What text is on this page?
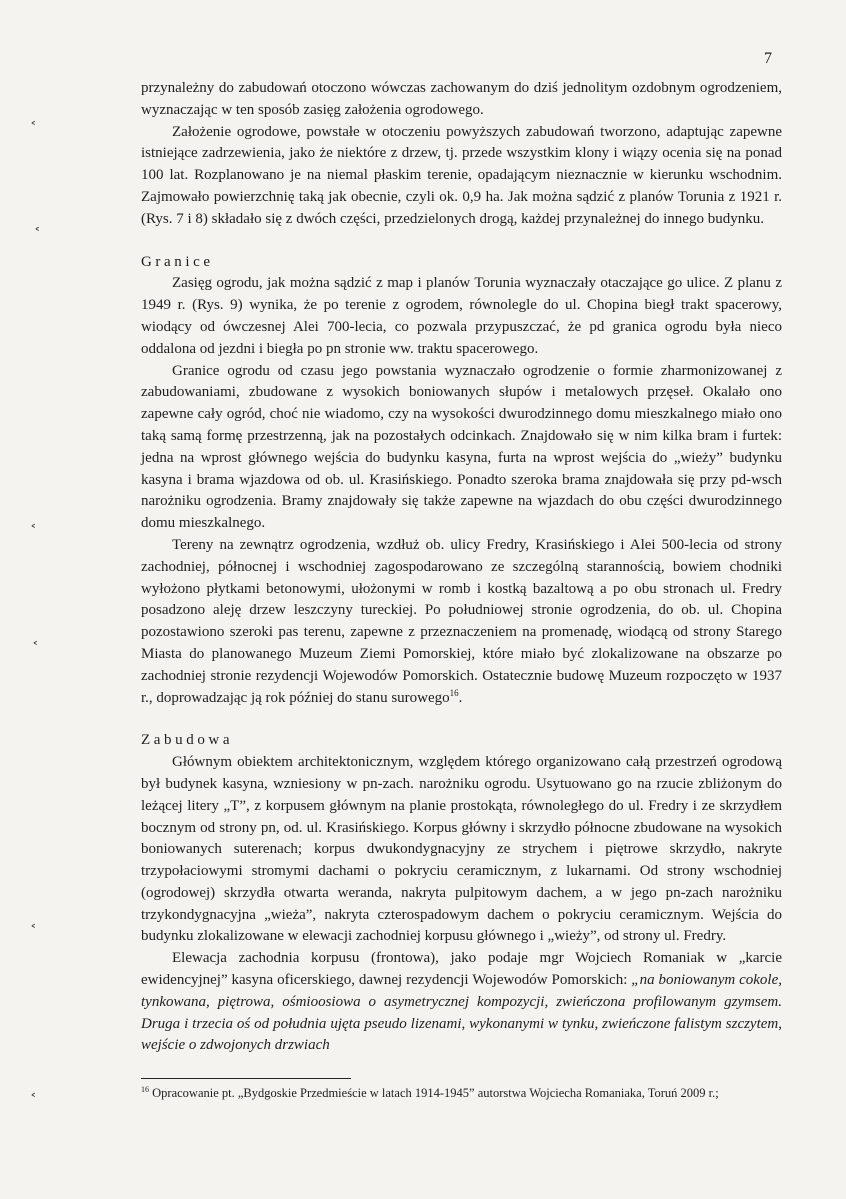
7
˂
˂
˂
˂
˂
˂

przynależny do zabudowań otoczono wówczas zachowanym do dziś jednolitym ozdobnym ogrodzeniem, wyznaczając w ten sposób zasięg założenia ogrodowego.

Założenie ogrodowe, powstałe w otoczeniu powyższych zabudowań tworzono, adaptując zapewne istniejące zadrzewienia, jako że niektóre z drzew, tj. przede wszystkim klony i wiązy ocenia się na ponad 100 lat. Rozplanowano je na niemal płaskim terenie, opadającym nieznacznie w kierunku wschodnim. Zajmowało powierzchnię taką jak obecnie, czyli ok. 0,9 ha. Jak można sądzić z planów Torunia z 1921 r. (Rys. 7 i 8) składało się z dwóch części, przedzielonych drogą, każdej przynależnej do innego budynku.

Granice

Zasięg ogrodu, jak można sądzić z map i planów Torunia wyznaczały otaczające go ulice. Z planu z 1949 r. (Rys. 9) wynika, że po terenie z ogrodem, równolegle do ul. Chopina biegł trakt spacerowy, wiodący od ówczesnej Alei 700-lecia, co pozwala przypuszczać, że pd granica ogrodu była nieco oddalona od jezdni i biegła po pn stronie ww. traktu spacerowego.

Granice ogrodu od czasu jego powstania wyznaczało ogrodzenie o formie zharmonizowanej z zabudowaniami, zbudowane z wysokich boniowanych słupów i metalowych przęseł. Okalało ono zapewne cały ogród, choć nie wiadomo, czy na wysokości dwurodzinnego domu mieszkalnego miało ono taką samą formę przestrzenną, jak na pozostałych odcinkach. Znajdowało się w nim kilka bram i furtek: jedna na wprost głównego wejścia do budynku kasyna, furta na wprost wejścia do „wieży” budynku kasyna i brama wjazdowa od ob. ul. Krasińskiego. Ponadto szeroka brama znajdowała się przy pd-wsch narożniku ogrodzenia. Bramy znajdowały się także zapewne na wjazdach do obu części dwurodzinnego domu mieszkalnego.

Tereny na zewnątrz ogrodzenia, wzdłuż ob. ulicy Fredry, Krasińskiego i Alei 500-lecia od strony zachodniej, północnej i wschodniej zagospodarowano ze szczególną starannością, bowiem chodniki wyłożono płytkami betonowymi, ułożonymi w romb i kostką bazaltową a po obu stronach ul. Fredry posadzono aleję drzew leszczyny tureckiej. Po południowej stronie ogrodzenia, do ob. ul. Chopina pozostawiono szeroki pas terenu, zapewne z przeznaczeniem na promenadę, wiodącą od strony Starego Miasta do planowanego Muzeum Ziemi Pomorskiej, które miało być zlokalizowane na obszarze po zachodniej stronie rezydencji Wojewodów Pomorskich. Ostatecznie budowę Muzeum rozpoczęto w 1937 r., doprowadzając ją rok później do stanu surowego$^{16}$.

Zabudowa

Głównym obiektem architektonicznym, względem którego organizowano całą przestrzeń ogrodową był budynek kasyna, wzniesiony w pn-zach. narożniku ogrodu. Usytuowano go na rzucie zbliżonym do leżącej litery „T”, z korpusem głównym na planie prostokąta, równoległego do ul. Fredry i ze skrzydłem bocznym od strony pn, od. ul. Krasińskiego. Korpus główny i skrzydło północne zbudowane na wysokich boniowanych suterenach; korpus dwukondygnacyjny ze strychem i piętrowe skrzydło, nakryte trzypołaciowymi stromymi dachami o pokryciu ceramicznym, z lukarnami. Od strony wschodniej (ogrodowej) skrzydła otwarta weranda, nakryta pulpitowym dachem, a w jego pn-zach narożniku trzykondygnacyjna „wieża”, nakryta czterospadowym dachem o pokryciu ceramicznym. Wejścia do budynku zlokalizowane w elewacji zachodniej korpusu głównego i „wieży”, od strony ul. Fredry.

Elewacja zachodnia korpusu (frontowa), jako podaje mgr Wojciech Romaniak w „karcie ewidencyjnej” kasyna oficerskiego, dawnej rezydencji Wojewodów Pomorskich: „na boniowanym cokole, tynkowana, piętrowa, ośmioosiowa o asymetrycznej kompozycji, zwieńczona profilowanym gzymsem. Druga i trzecia oś od południa ujęta pseudo lizenami, wykonanymi w tynku, zwieńczone falistym szczytem, wejście o zdwojonych drzwiach

$^{16}$ Opracowanie pt. „Bydgoskie Przedmieście w latach 1914-1945” autorstwa Wojciecha Romaniaka, Toruń 2009 r.;
